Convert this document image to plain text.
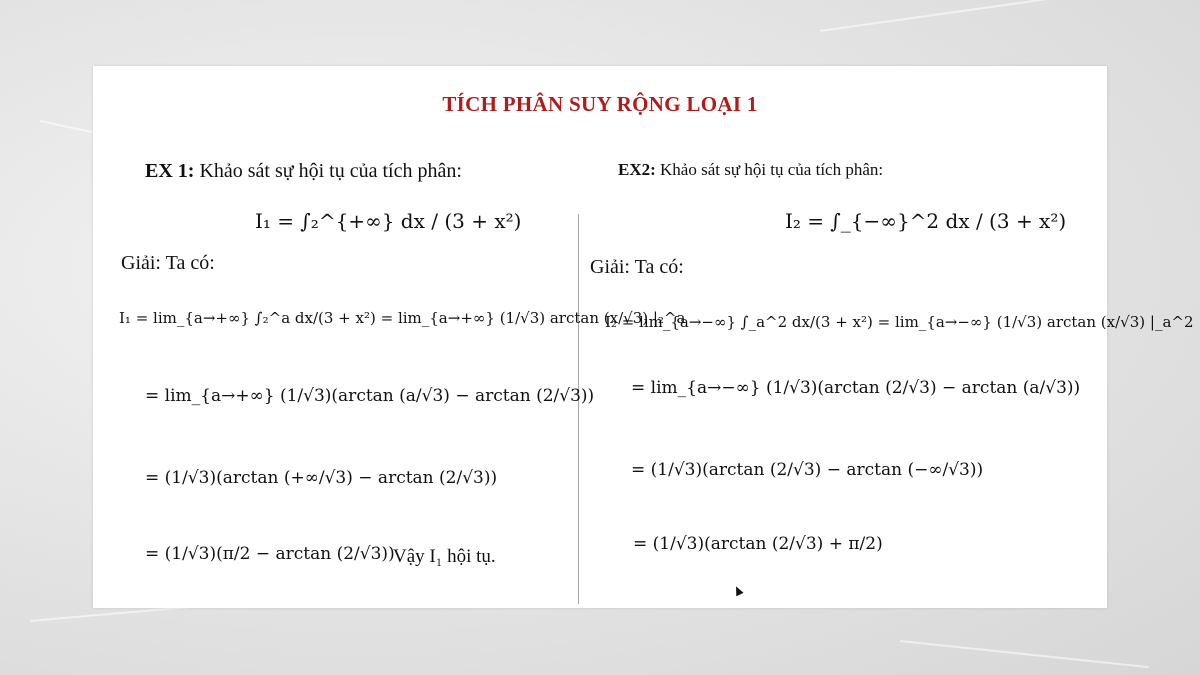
TÍCH PHÂN SUY RỘNG LOẠI 1
EX 1: Khảo sát sự hội tụ của tích phân:
I₁ = ∫₂^{+∞} dx / (3 + x²)
Giải: Ta có:
I₁ = lim_{a→+∞} ∫₂^a dx/(3 + x²) = lim_{a→+∞} (1/√3) arctan (x/√3) |₂^a
= lim_{a→+∞} (1/√3)(arctan (a/√3) − arctan (2/√3))
= (1/√3)(arctan (+∞/√3) − arctan (2/√3))
= (1/√3)(π/2 − arctan (2/√3))
Vậy I₁ hội tụ.
EX2: Khảo sát sự hội tụ của tích phân:
I₂ = ∫_{−∞}^2 dx / (3 + x²)
Giải: Ta có:
I₂ = lim_{a→−∞} ∫_a^2 dx/(3 + x²) = lim_{a→−∞} (1/√3) arctan (x/√3) |_a^2
= lim_{a→−∞} (1/√3)(arctan (2/√3) − arctan (a/√3))
= (1/√3)(arctan (2/√3) − arctan (−∞/√3))
= (1/√3)(arctan (2/√3) + π/2)
